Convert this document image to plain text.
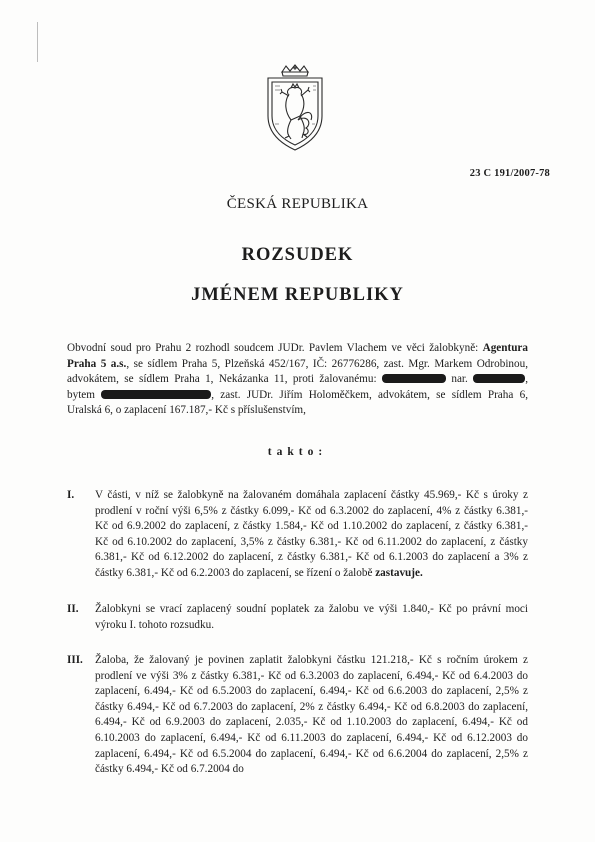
23 C 191/2007-78
ČESKÁ REPUBLIKA
ROZSUDEK
JMÉNEM REPUBLIKY

Obvodní soud pro Prahu 2 rozhodl soudcem JUDr. Pavlem Vlachem ve věci žalobkyně: Agentura Praha 5 a.s., se sídlem Praha 5, Plzeňská 452/167, IČ: 26776286, zast. Mgr. Markem Odrobinou, advokátem, se sídlem Praha 1, Nekázanka 11, proti žalovanému:	nar.	, bytem	, zast. JUDr. Jiřím Holoměčkem, advokátem, se sídlem Praha 6, Uralská 6, o zaplacení 167.187,- Kč s příslušenstvím,

takto:
I.	V části, v níž se žalobkyně na žalovaném domáhala zaplacení částky 45.969,- Kč s úroky z prodlení v roční výši 6,5% z částky 6.099,- Kč od 6.3.2002 do zaplacení, 4% z částky 6.381,- Kč od 6.9.2002 do zaplacení, z částky 1.584,- Kč od 1.10.2002 do zaplacení, z částky 6.381,- Kč od 6.10.2002 do zaplacení, 3,5% z částky 6.381,- Kč od 6.11.2002 do zaplacení, z částky 6.381,- Kč od 6.12.2002 do zaplacení, z částky 6.381,- Kč od 6.1.2003 do zaplacení a 3% z částky 6.381,- Kč od 6.2.2003 do zaplacení, se řízení o žalobě zastavuje.
II.	Žalobkyni se vrací zaplacený soudní poplatek za žalobu ve výši 1.840,- Kč po právní moci výroku I. tohoto rozsudku.
III.	Žaloba, že žalovaný je povinen zaplatit žalobkyni částku 121.218,- Kč s ročním úrokem z prodlení ve výši 3% z částky 6.381,- Kč od 6.3.2003 do zaplacení, 6.494,- Kč od 6.4.2003 do zaplacení, 6.494,- Kč od 6.5.2003 do zaplacení, 6.494,- Kč od 6.6.2003 do zaplacení, 2,5% z částky 6.494,- Kč od 6.7.2003 do zaplacení, 2% z částky 6.494,- Kč od 6.8.2003 do zaplacení, 6.494,- Kč od 6.9.2003 do zaplacení, 2.035,- Kč od 1.10.2003 do zaplacení, 6.494,- Kč od 6.10.2003 do zaplacení, 6.494,- Kč od 6.11.2003 do zaplacení, 6.494,- Kč od 6.12.2003 do zaplacení, 6.494,- Kč od 6.5.2004 do zaplacení, 6.494,- Kč od 6.6.2004 do zaplacení, 2,5% z částky 6.494,- Kč od 6.7.2004 do
